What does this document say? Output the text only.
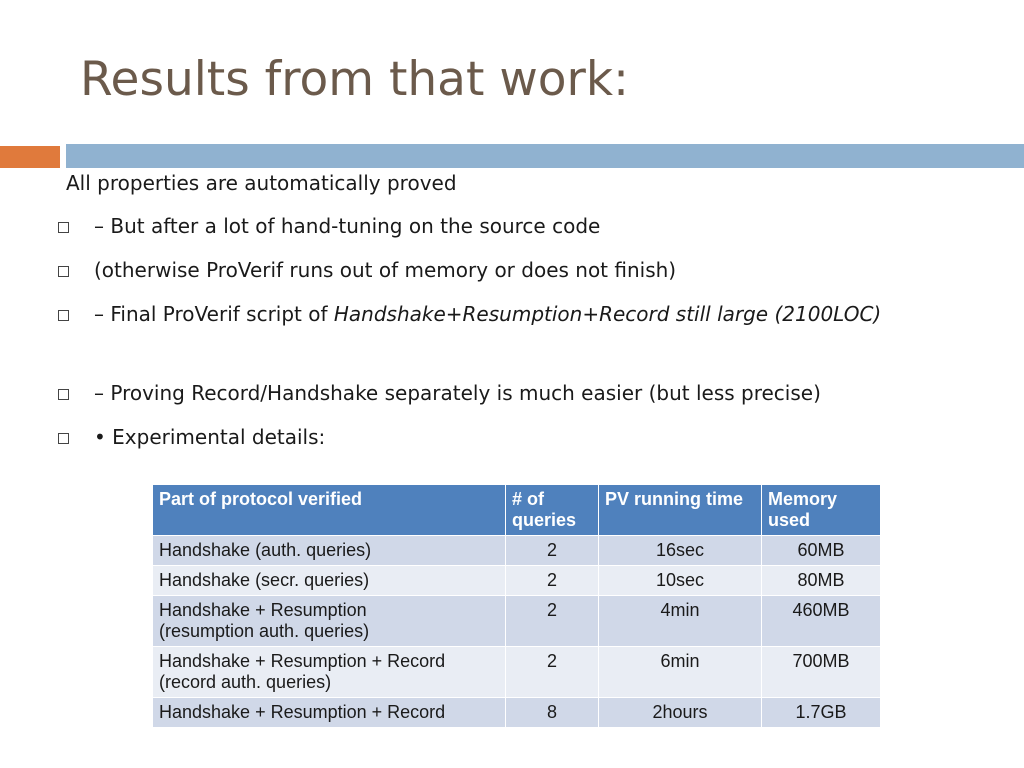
Results from that work:
All properties are automatically proved
– But after a lot of hand-tuning on the source code
(otherwise ProVerif runs out of memory or does not finish)
– Final ProVerif script of Handshake+Resumption+Record still large (2100LOC)
– Proving Record/Handshake separately is much easier (but less precise)
• Experimental details:
Part of protocol verified	# of queries	PV running time	Memory used
Handshake (auth. queries)	2	16sec	60MB
Handshake (secr. queries)	2	10sec	80MB

Handshake + Resumption
(resumption auth. queries)	2	4min	460MB

Handshake + Resumption + Record
(record auth. queries)	2	6min	700MB
Handshake + Resumption + Record	8	2hours	1.7GB
